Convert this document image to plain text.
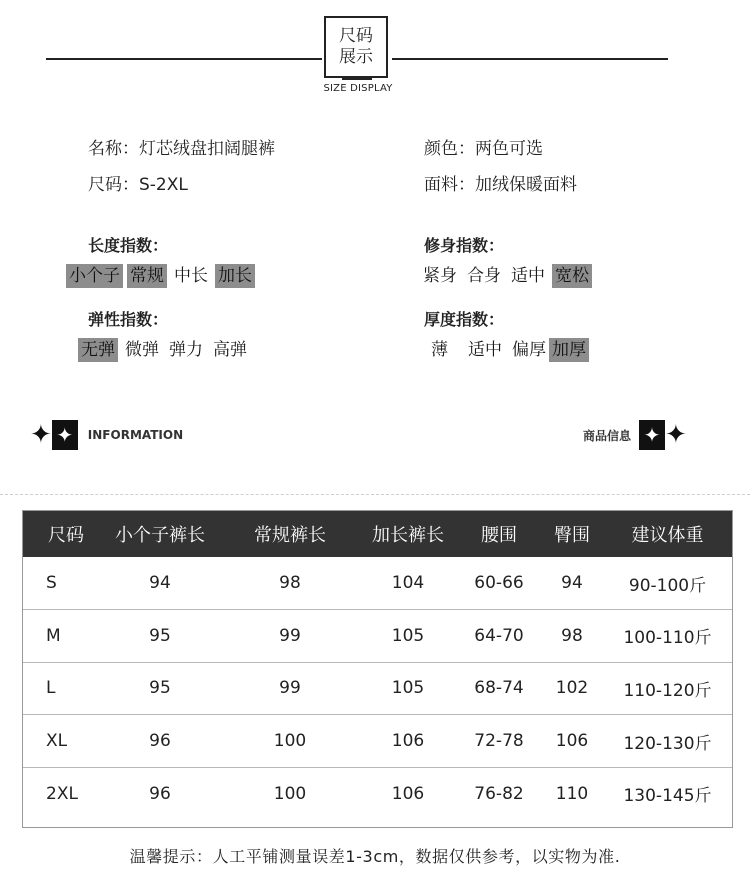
尺码
展示
SIZE DISPLAY
名称：灯芯绒盘扣阔腿裤
尺码：S-2XL
颜色：两色可选
面料：加绒保暖面料
长度指数：
小个子 常规 中长 加长
修身指数：
紧身 合身 适中 宽松
弹性指数：
无弹 微弹 弹力 高弹
厚度指数：
薄 适中 偏厚 加厚
✦ ✦	INFORMATION	商品信息 ✦ ✦
尺码	小个子裤长	常规裤长	加长裤长	腰围	臀围	建议体重
S	94	98	104	60-66	94	90-100斤
M	95	99	105	64-70	98	100-110斤
L	95	99	105	68-74	102	110-120斤
XL	96	100	106	72-78	106	120-130斤
2XL	96	100	106	76-82	110	130-145斤
温馨提示：人工平铺测量误差1-3cm，数据仅供参考，以实物为准.
